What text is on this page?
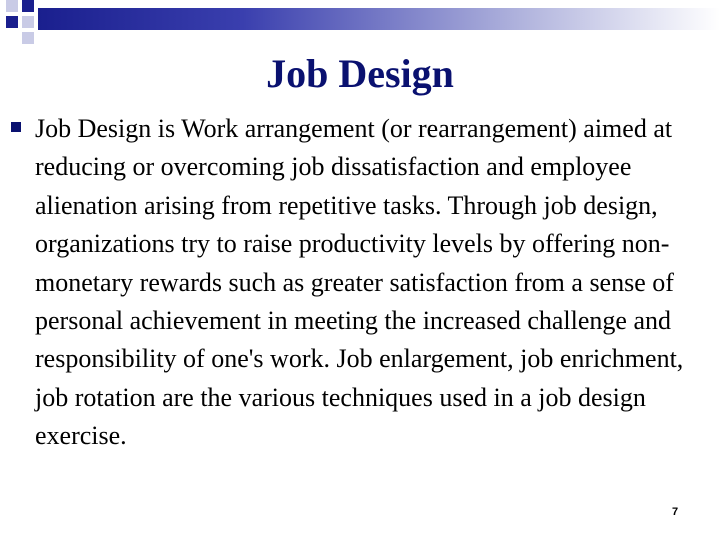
Job Design
Job Design is Work arrangement (or rearrangement) aimed at reducing or overcoming job dissatisfaction and employee alienation arising from repetitive tasks. Through job design, organizations try to raise productivity levels by offering non-monetary rewards such as greater satisfaction from a sense of personal achievement in meeting the increased challenge and responsibility of one's work. Job enlargement, job enrichment, job rotation are the various techniques used in a job design exercise.
7
